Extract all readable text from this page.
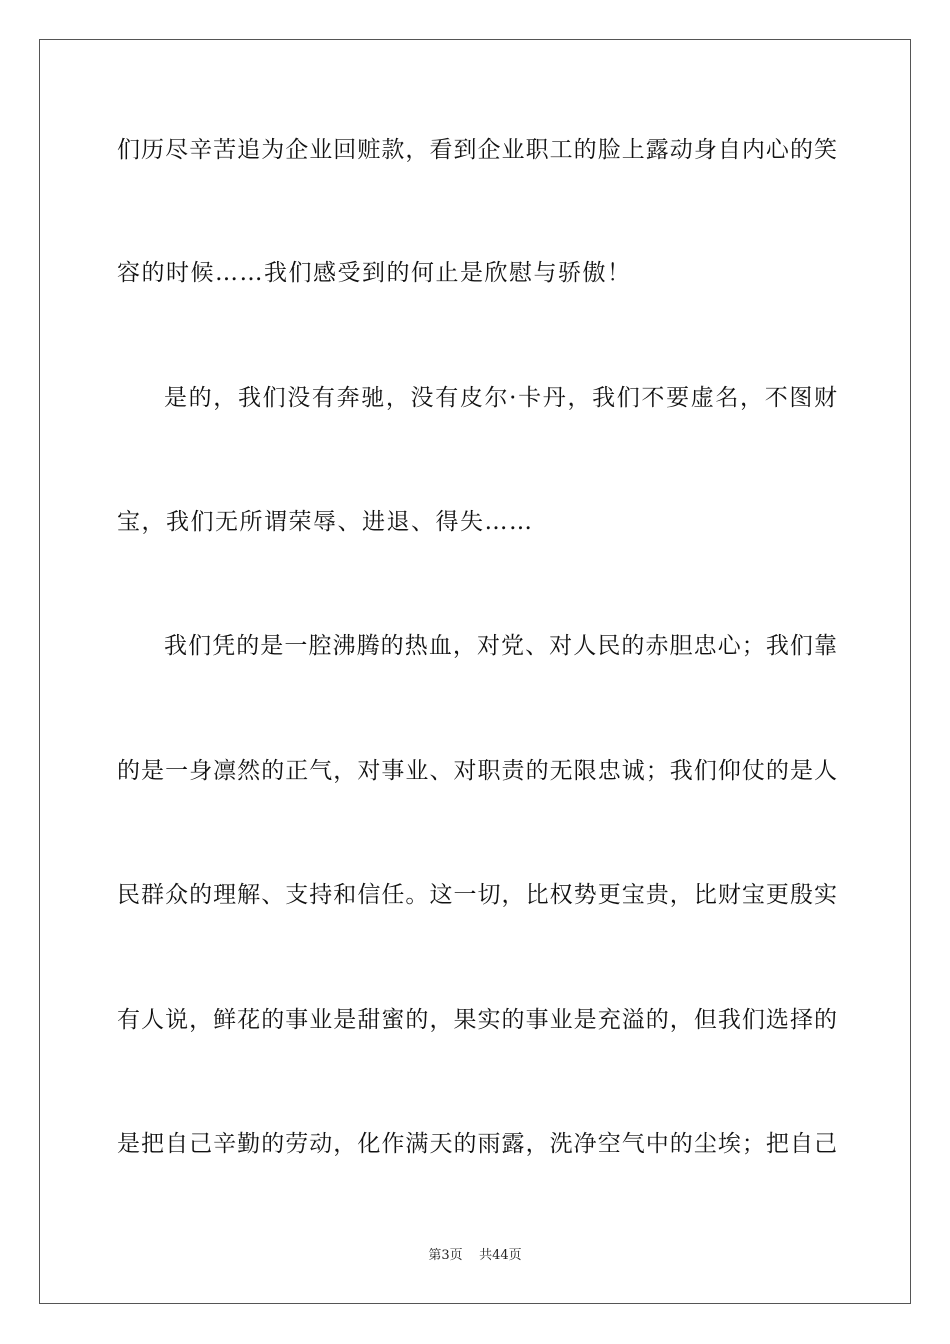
们历尽辛苦追为企业回赃款，看到企业职工的脸上露动身自内心的笑
容的时候……我们感受到的何止是欣慰与骄傲！
是的，我们没有奔驰，没有皮尔·卡丹，我们不要虚名，不图财
宝，我们无所谓荣辱、进退、得失……
我们凭的是一腔沸腾的热血，对党、对人民的赤胆忠心；我们靠
的是一身凛然的正气，对事业、对职责的无限忠诚；我们仰仗的是人
民群众的理解、支持和信任。这一切，比权势更宝贵，比财宝更殷实
有人说，鲜花的事业是甜蜜的，果实的事业是充溢的，但我们选择的
是把自己辛勤的劳动，化作满天的雨露，洗净空气中的尘埃；把自己
第3页 共44页
